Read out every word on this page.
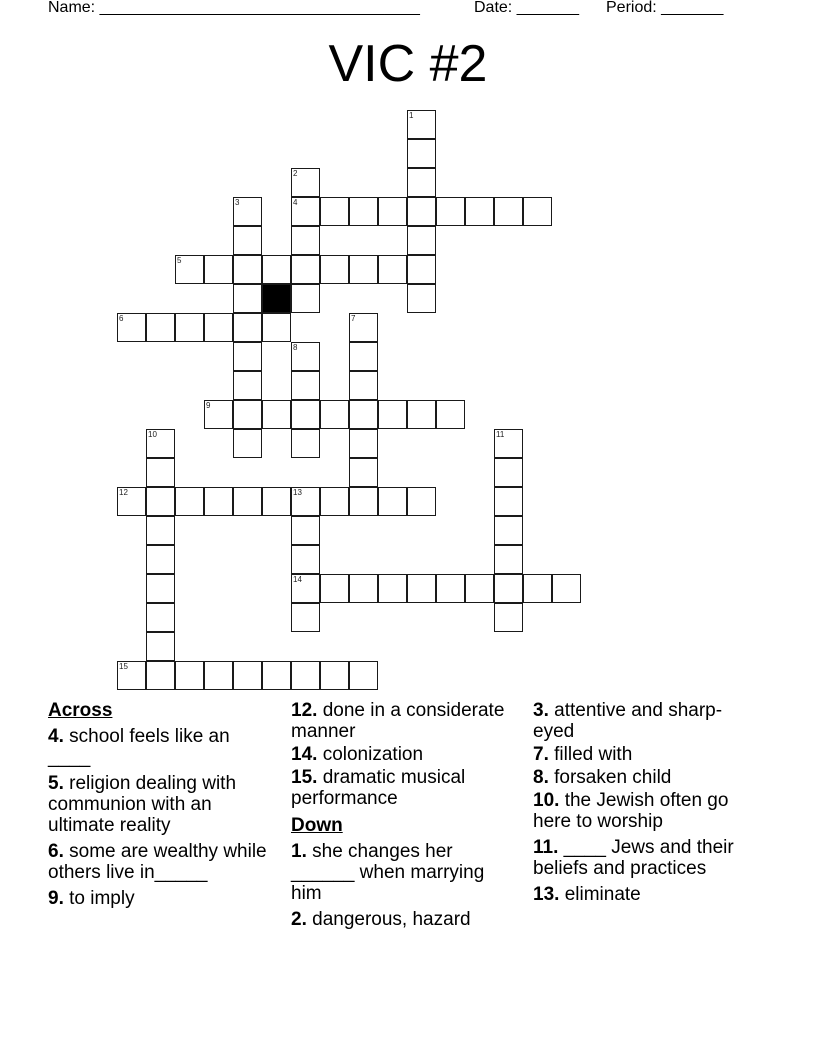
Name: ____________________________________	Date: _______ Period: _______
VIC #2
1
2
4
3
5
6	7
8
9
10	11
12	13
14
15
Across
4. school feels like an ____
5. religion dealing with communion with an ultimate reality
6. some are wealthy while others live in_____
9. to imply
12. done in a considerate manner
14. colonization
15. dramatic musical performance
Down
1. she changes her ______ when marrying him
2. dangerous, hazard
3. attentive and sharp-eyed
7. filled with
8. forsaken child
10. the Jewish often go here to worship
11. ____ Jews and their beliefs and practices
13. eliminate
